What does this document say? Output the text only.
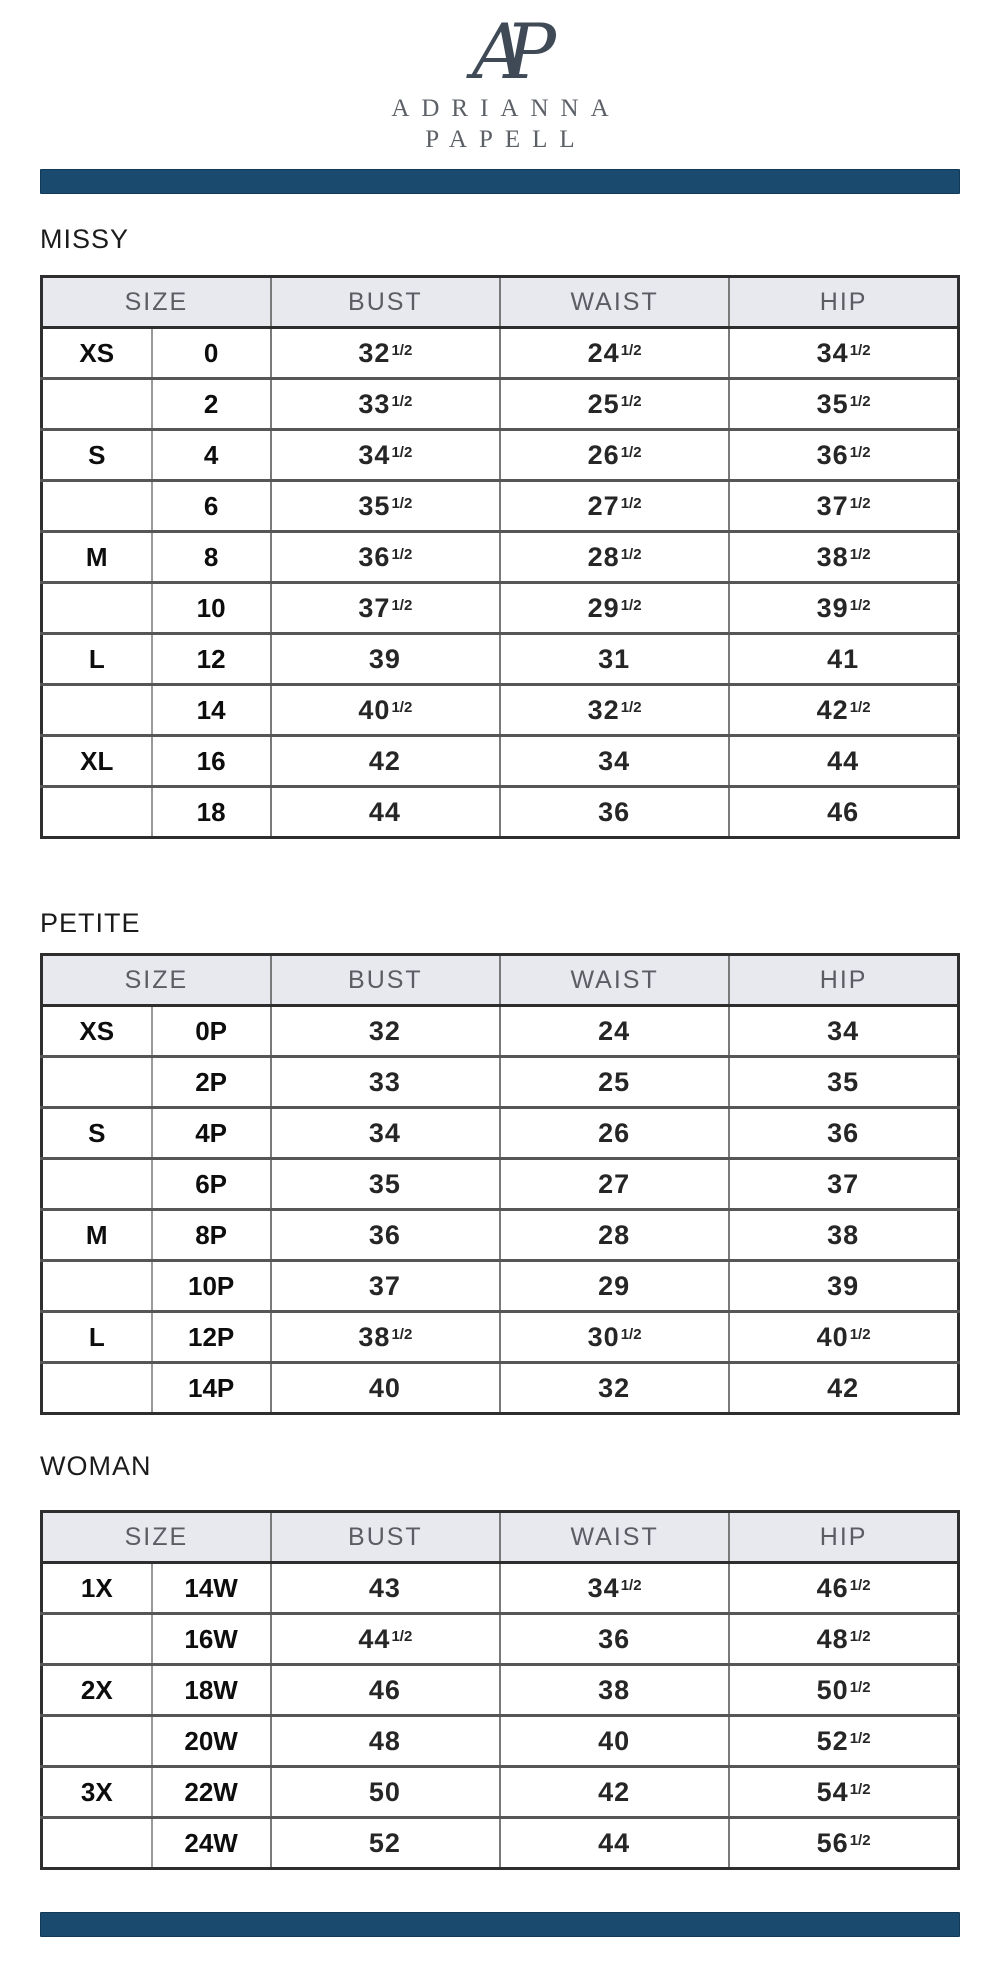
AP
ADRIANNA
PAPELL
MISSY
SIZE		BUST	WAIST	HIP
XS	0	$32^{1/2}$	$24^{1/2}$	$34^{1/2}$
	2	$33^{1/2}$	$25^{1/2}$	$35^{1/2}$
S	4	$34^{1/2}$	$26^{1/2}$	$36^{1/2}$
	6	$35^{1/2}$	$27^{1/2}$	$37^{1/2}$
M	8	$36^{1/2}$	$28^{1/2}$	$38^{1/2}$
	10	$37^{1/2}$	$29^{1/2}$	$39^{1/2}$
L	12	39	31	41
	14	$40^{1/2}$	$32^{1/2}$	$42^{1/2}$
XL	16	42	34	44
	18	44	36	46
PETITE
SIZE		BUST	WAIST	HIP
XS	0P	32	24	34
	2P	33	25	35
S	4P	34	26	36
	6P	35	27	37
M	8P	36	28	38
	10P	37	29	39
L	12P	$38^{1/2}$	$30^{1/2}$	$40^{1/2}$
	14P	40	32	42
WOMAN
SIZE		BUST	WAIST	HIP
1X	14W	43	$34^{1/2}$	$46^{1/2}$
	16W	$44^{1/2}$	36	$48^{1/2}$
2X	18W	46	38	$50^{1/2}$
	20W	48	40	$52^{1/2}$
3X	22W	50	42	$54^{1/2}$
	24W	52	44	$56^{1/2}$
